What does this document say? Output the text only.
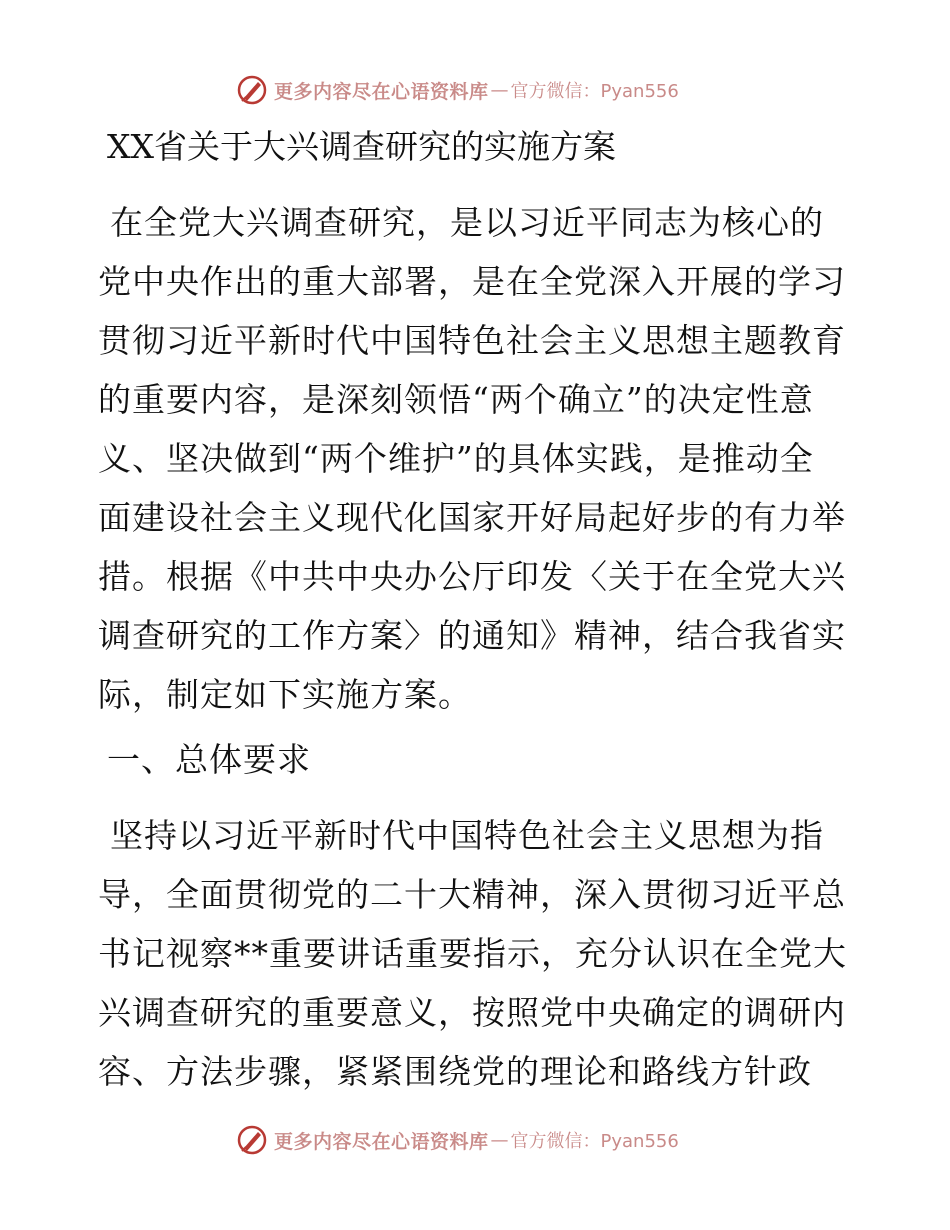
更多内容尽在心语资料库 — 官方微信：Pyan556
XX省关于大兴调查研究的实施方案
在全党大兴调查研究，是以习近平同志为核心的
党中央作出的重大部署，是在全党深入开展的学习
贯彻习近平新时代中国特色社会主义思想主题教育
的重要内容，是深刻领悟“两个确立”的决定性意
义、坚决做到“两个维护”的具体实践，是推动全
面建设社会主义现代化国家开好局起好步的有力举
措。根据《中共中央办公厅印发〈关于在全党大兴
调查研究的工作方案〉的通知》精神，结合我省实
际，制定如下实施方案。
一、总体要求
坚持以习近平新时代中国特色社会主义思想为指
导，全面贯彻党的二十大精神，深入贯彻习近平总
书记视察**重要讲话重要指示，充分认识在全党大
兴调查研究的重要意义，按照党中央确定的调研内
容、方法步骤，紧紧围绕党的理论和路线方针政
更多内容尽在心语资料库 — 官方微信：Pyan556
